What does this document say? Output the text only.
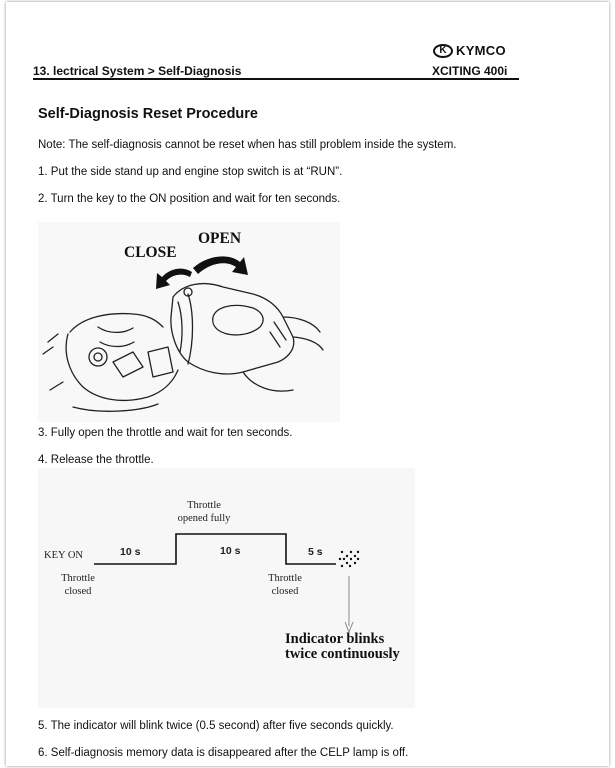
K KYMCO
13. lectrical System > Self-Diagnosis	XCITING 400i
Self-Diagnosis Reset Procedure
Note: The self-diagnosis cannot be reset when has still problem inside the system.
1. Put the side stand up and engine stop switch is at “RUN”.
2. Turn the key to the ON position and wait for ten seconds.
CLOSE
OPEN
3. Fully open the throttle and wait for ten seconds.
4. Release the throttle.
KEY ON	10 s	10 s	5 s
Throttle
opened fully
Throttle
closed
Throttle
closed
Indicator blinks
twice continuously
5. The indicator will blink twice (0.5 second) after five seconds quickly.
6. Self-diagnosis memory data is disappeared after the CELP lamp is off.
